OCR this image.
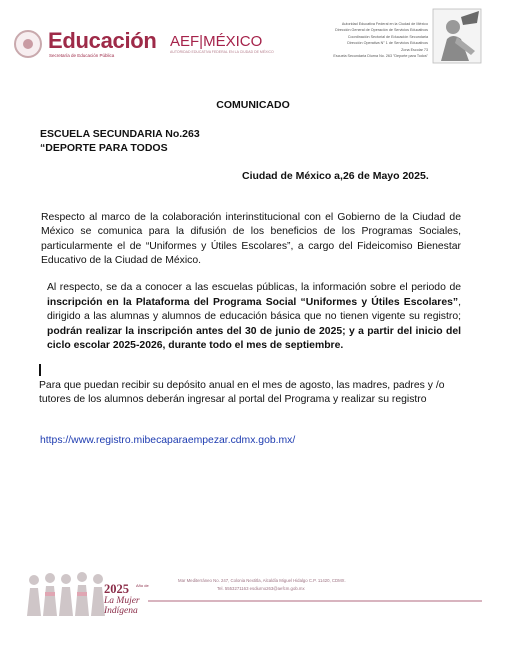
Educación
Secretaría de Educación Pública
AEF|MÉXICO
AUTORIDAD EDUCATIVA FEDERAL EN LA CIUDAD DE MÉXICO
Autoridad Educativa Federal en la Ciudad de México
Dirección General de Operación de Servicios Educativos
Coordinación Sectorial de Educación Secundaria
Dirección Operativa N° 1 de Servicios Educativos
Zona Escolar 73
Escuela Secundaria Diurna No. 263 "Deporte para Todos"
COMUNICADO
ESCUELA SECUNDARIA No.263
“DEPORTE PARA TODOS
Ciudad de México a,26 de Mayo 2025.
Respecto al marco de la colaboración interinstitucional con el Gobierno de la Ciudad de México se comunica para la difusión de los beneficios de los Programas Sociales, particularmente el de “Uniformes y Útiles Escolares”, a cargo del Fideicomiso Bienestar Educativo de la Ciudad de México.
Al respecto, se da a conocer a las escuelas públicas, la información sobre el periodo de inscripción en la Plataforma del Programa Social “Uniformes y Útiles Escolares”, dirigido a las alumnas y alumnos de educación básica que no tienen vigente su registro; podrán realizar la inscripción antes del 30 de junio de 2025; y a partir del inicio del ciclo escolar 2025-2026, durante todo el mes de septiembre.
Para que puedan recibir su depósito anual en el mes de agosto, las madres, padres y /o tutores de los alumnos deberán ingresar al portal del Programa y realizar su registro
https://www.registro.mibecaparaempezar.cdmx.gob.mx/
2025 Año de
La Mujer
Indígena
Mar Mediterráneo No. 247, Colonia Nextitla, Alcaldía Miguel Hidalgo C.P. 11420, CDMX.
Tel. 5553271163 esdiurno263@aefcm.gob.mx
